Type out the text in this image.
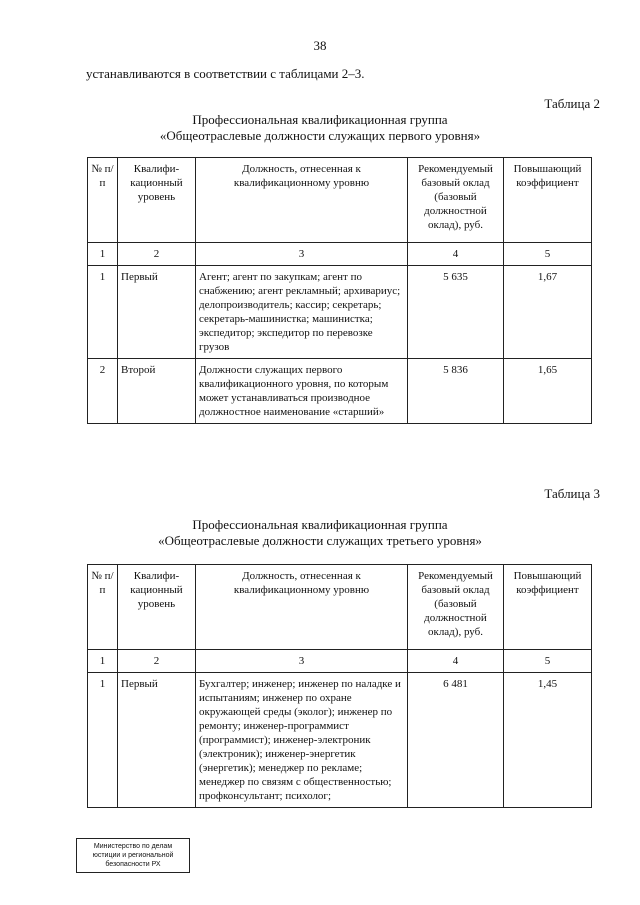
38
устанавливаются в соответствии с таблицами 2–3.
Таблица 2
Профессиональная квалификационная группа
«Общеотраслевые должности служащих первого уровня»
№ п/п	Квалифи-кационный уровень	Должность, отнесенная к квалификационному уровню	Рекомендуемый базовый оклад (базовый должностной оклад), руб.	Повышающий коэффициент
1	2	3	4	5
1	Первый	Агент; агент по закупкам; агент по снабжению; агент рекламный; архивариус; делопроизводитель; кассир; секретарь; секретарь-машинистка; машинистка; экспедитор; экспедитор по перевозке грузов	5 635	1,67
2	Второй	Должности служащих первого квалификационного уровня, по которым может устанавливаться производное должностное наименование «старший»	5 836	1,65
Таблица 3
Профессиональная квалификационная группа
«Общеотраслевые должности служащих третьего уровня»
№ п/п	Квалифи-кационный уровень	Должность, отнесенная к квалификационному уровню	Рекомендуемый базовый оклад (базовый должностной оклад), руб.	Повышающий коэффициент
1	2	3	4	5
1	Первый	Бухгалтер; инженер; инженер по наладке и испытаниям; инженер по охране окружающей среды (эколог); инженер по ремонту; инженер-программист (программист); инженер-электроник (электроник); инженер-энергетик (энергетик); менеджер по рекламе; менеджер по связям с общественностью; профконсультант; психолог;	6 481	1,45
Министерство по делам
юстиции и региональной
безопасности РХ
